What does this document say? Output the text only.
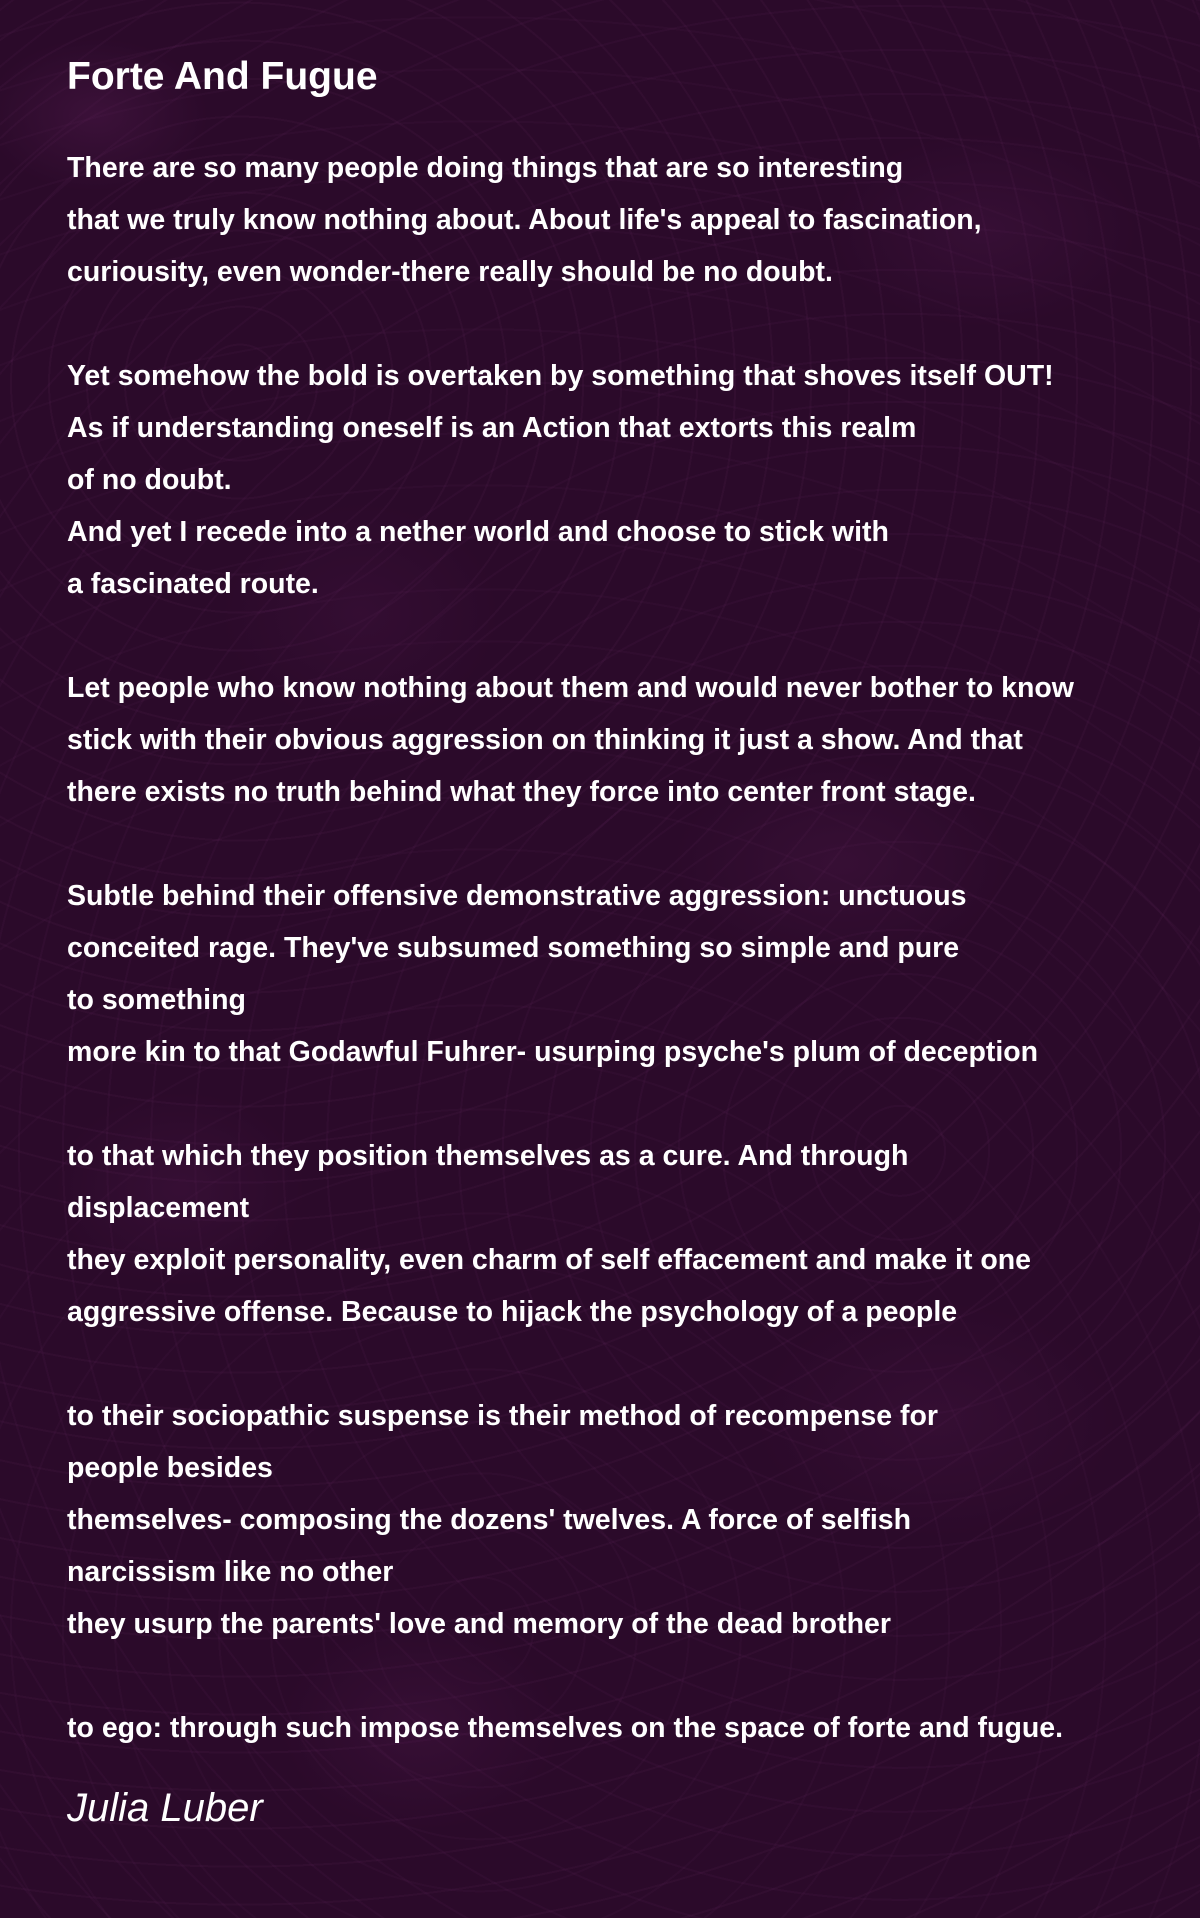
Forte And Fugue
There are so many people doing things that are so interesting
that we truly know nothing about. About life's appeal to fascination,
curiousity, even wonder-there really should be no doubt.
Yet somehow the bold is overtaken by something that shoves itself OUT!
As if understanding oneself is an Action that extorts this realm
of no doubt.
And yet I recede into a nether world and choose to stick with
a fascinated route.
Let people who know nothing about them and would never bother to know
stick with their obvious aggression on thinking it just a show. And that
there exists no truth behind what they force into center front stage.
Subtle behind their offensive demonstrative aggression: unctuous
conceited rage. They've subsumed something so simple and pure
to something
more kin to that Godawful Fuhrer- usurping psyche's plum of deception
to that which they position themselves as a cure. And through
displacement
they exploit personality, even charm of self effacement and make it one
aggressive offense. Because to hijack the psychology of a people
to their sociopathic suspense is their method of recompense for
people besides
themselves- composing the dozens' twelves. A force of selfish
narcissism like no other
they usurp the parents' love and memory of the dead brother
to ego: through such impose themselves on the space of forte and fugue.
Julia Luber
